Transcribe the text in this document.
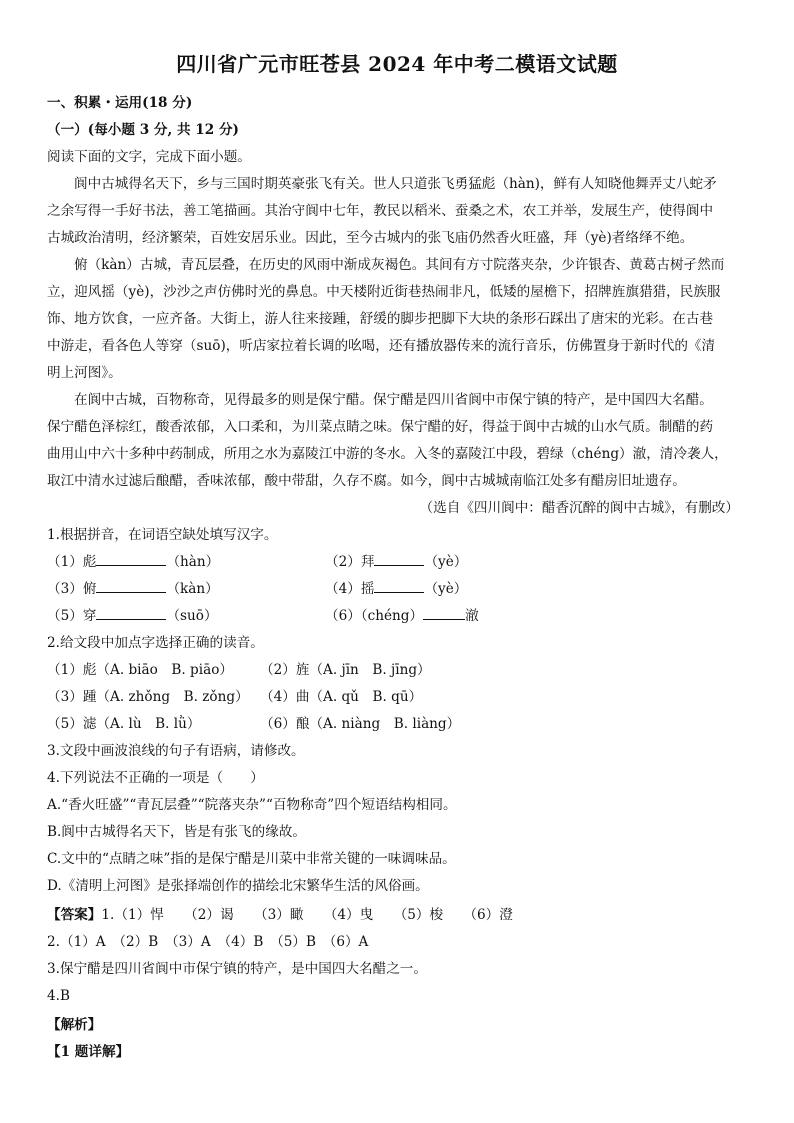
四川省广元市旺苍县 2024 年中考二模语文试题
一、积累・运用(18 分)
（一）(每小题 3 分, 共 12 分)
阅读下面的文字，完成下面小题。
阆中古城得名天下，乡与三国时期英豪张飞有关。世人只道张飞勇猛彪（hàn)，鲜有人知晓他舞弄丈八蛇矛
之余写得一手好书法，善工笔描画。其治守阆中七年，教民以稻米、蚕桑之术，农工并举，发展生产，使得阆中
古城政治清明，经济繁荣，百姓安居乐业。因此，至今古城内的张飞庙仍然香火旺盛，拜（yè)者络绎不绝。
俯（kàn）古城，青瓦层叠，在历史的风雨中渐成灰褐色。其间有方寸院落夹杂，少许银杏、黄葛古树孑然而
立，迎风摇（yè)，沙沙之声仿佛时光的鼻息。中天楼附近街巷热闹非凡，低矮的屋檐下，招牌旌旗猎猎，民族服
饰、地方饮食，一应齐备。大街上，游人往来接踵，舒缓的脚步把脚下大块的条形石踩出了唐宋的光彩。在古巷
中游走，看各色人等穿（suō)，听店家拉着长调的吆喝，还有播放器传来的流行音乐，仿佛置身于新时代的《清
明上河图》。
在阆中古城，百物称奇，见得最多的则是保宁醋。保宁醋是四川省阆中市保宁镇的特产，是中国四大名醋。
保宁醋色泽棕红，酸香浓郁，入口柔和，为川菜点睛之味。保宁醋的好，得益于阆中古城的山水气质。制醋的药
曲用山中六十多种中药制成，所用之水为嘉陵江中游的冬水。入冬的嘉陵江中段，碧绿（chéng）澈，清冷袭人，
取江中清水过滤后酿醋，香味浓郁，酸中带甜，久存不腐。如今，阆中古城城南临江处多有醋房旧址遗存。
（选自《四川阆中：醋香沉醉的阆中古城》，有删改）
1.根据拼音，在词语空缺处填写汉字。
（1）彪	（hàn）	（2）拜	（yè）
（3）俯	（kàn）	（4）摇	（yè）
（5）穿	（suō）	（6）（chéng）	澈
2.给文段中加点字选择正确的读音。
（1）彪（A. biāo　B. piāo） （2）旌（A. jīn　B. jīng）
（3）踵（A. zhǒng　B. zǒng） （4）曲（A. qǔ　B. qū）
（5）滤（A. lù　B. lǜ）	（6）酿（A. niàng　B. liàng）
3.文段中画波浪线的句子有语病，请修改。
4.下列说法不正确的一项是（　　）
A.“香火旺盛”“青瓦层叠”“院落夹杂”“百物称奇”四个短语结构相同。
B.阆中古城得名天下，皆是有张飞的缘故。
C.文中的“点睛之味”指的是保宁醋是川菜中非常关键的一味调味品。
D.《清明上河图》是张择端创作的描绘北宋繁华生活的风俗画。
【答案】1.（1）悍　　（2）谒　　（3）瞰　　（4）曳　　（5）梭　　（6）澄
2.（1）A　（2）B　（3）A　（4）B　（5）B　（6）A
3.保宁醋是四川省阆中市保宁镇的特产，是中国四大名醋之一。
4.B
【解析】
【1 题详解】
